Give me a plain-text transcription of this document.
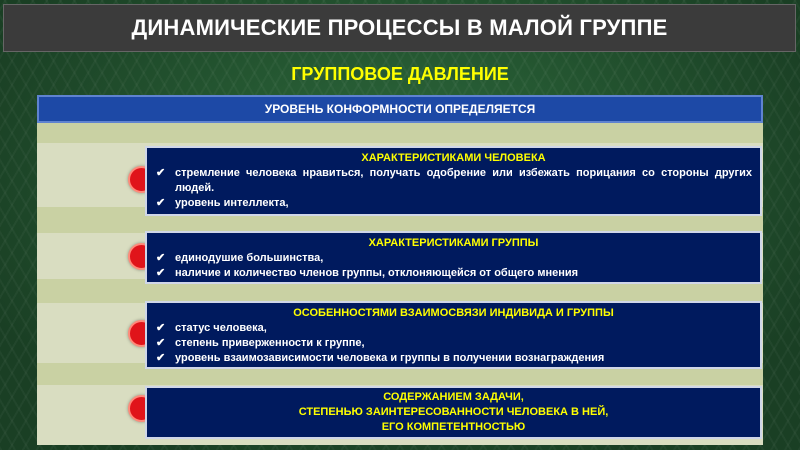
ДИНАМИЧЕСКИЕ ПРОЦЕССЫ В МАЛОЙ ГРУППЕ
ГРУППОВОЕ ДАВЛЕНИЕ
УРОВЕНЬ КОНФОРМНОСТИ ОПРЕДЕЛЯЕТСЯ
ХАРАКТЕРИСТИКАМИ ЧЕЛОВЕКА
✔ стремление человека нравиться, получать одобрение или избежать порицания со стороны других людей.
✔ уровень интеллекта,
ХАРАКТЕРИСТИКАМИ ГРУППЫ
✔ единодушие большинства,
✔ наличие и количество членов группы, отклоняющейся от общего мнения
ОСОБЕННОСТЯМИ ВЗАИМОСВЯЗИ ИНДИВИДА И ГРУППЫ
✔ статус человека,
✔ степень приверженности к группе,
✔ уровень взаимозависимости человека и группы в получении вознаграждения
СОДЕРЖАНИЕМ ЗАДАЧИ,
СТЕПЕНЬЮ ЗАИНТЕРЕСОВАННОСТИ ЧЕЛОВЕКА В НЕЙ,
ЕГО КОМПЕТЕНТНОСТЬЮ
